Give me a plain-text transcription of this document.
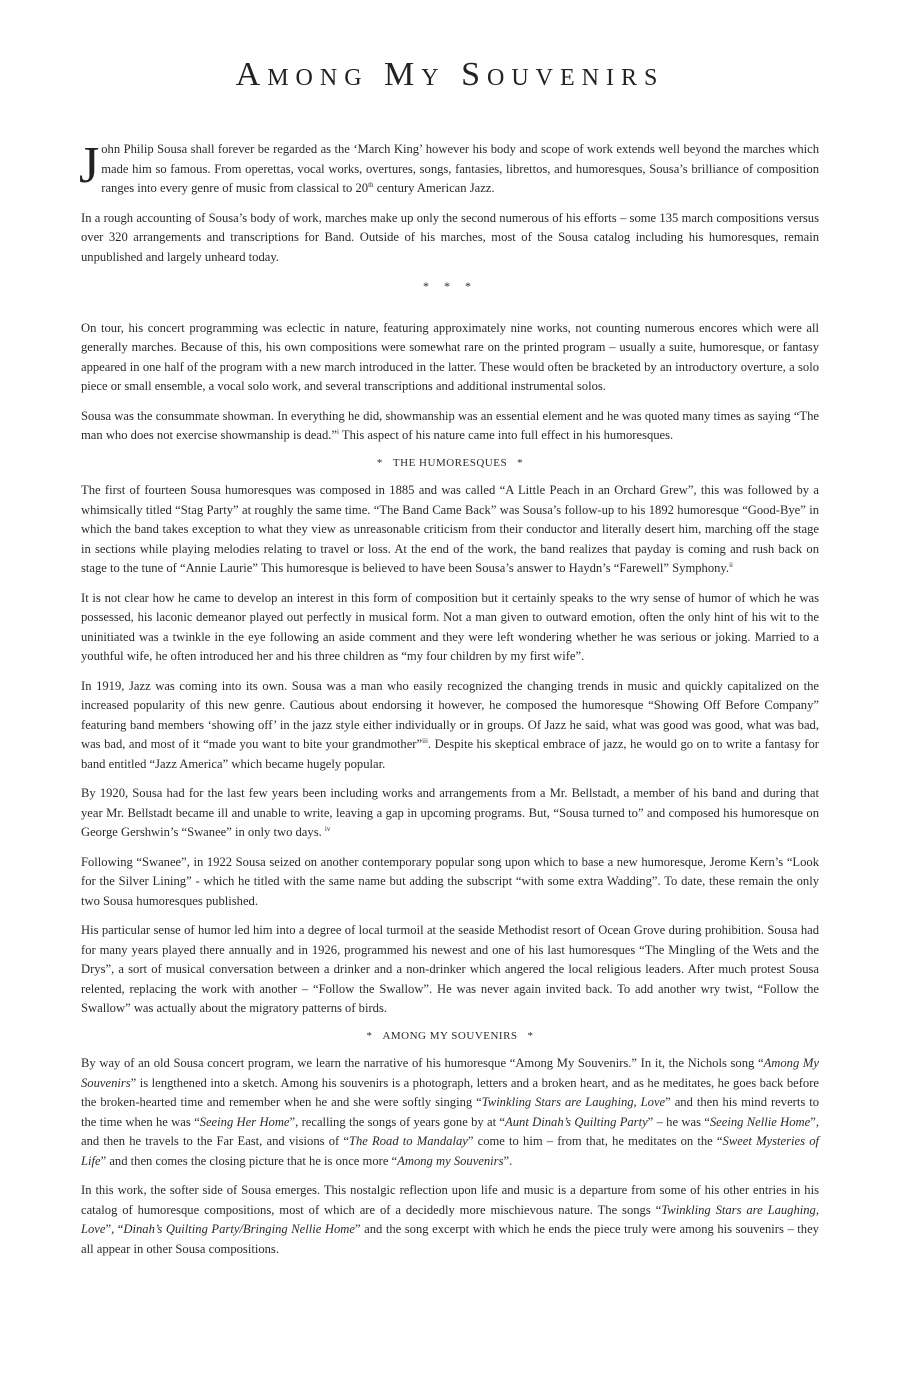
Among My Souvenirs

John Philip Sousa shall forever be regarded as the ‘March King’ however his body and scope of work extends well beyond the marches which made him so famous. From operettas, vocal works, overtures, songs, fantasies, librettos, and humoresques, Sousa’s brilliance of composition ranges into every genre of music from classical to 20th century American Jazz.

In a rough accounting of Sousa’s body of work, marches make up only the second numerous of his efforts – some 135 march compositions versus over 320 arrangements and transcriptions for Band. Outside of his marches, most of the Sousa catalog including his humoresques, remain unpublished and largely unheard today.

* * *

On tour, his concert programming was eclectic in nature, featuring approximately nine works, not counting numerous encores which were all generally marches. Because of this, his own compositions were somewhat rare on the printed program – usually a suite, humoresque, or fantasy appeared in one half of the program with a new march introduced in the latter. These would often be bracketed by an introductory overture, a solo piece or small ensemble, a vocal solo work, and several transcriptions and additional instrumental solos.

Sousa was the consummate showman. In everything he did, showmanship was an essential element and he was quoted many times as saying “The man who does not exercise showmanship is dead.”$^i$ This aspect of his nature came into full effect in his humoresques.

* THE HUMORESQUES *

The first of fourteen Sousa humoresques was composed in 1885 and was called “A Little Peach in an Orchard Grew”, this was followed by a whimsically titled “Stag Party” at roughly the same time. “The Band Came Back” was Sousa’s follow-up to his 1892 humoresque “Good-Bye” in which the band takes exception to what they view as unreasonable criticism from their conductor and literally desert him, marching off the stage in sections while playing melodies relating to travel or loss. At the end of the work, the band realizes that payday is coming and rush back on stage to the tune of “Annie Laurie” This humoresque is believed to have been Sousa’s answer to Haydn’s “Farewell” Symphony.$^{ii}$

It is not clear how he came to develop an interest in this form of composition but it certainly speaks to the wry sense of humor of which he was possessed, his laconic demeanor played out perfectly in musical form. Not a man given to outward emotion, often the only hint of his wit to the uninitiated was a twinkle in the eye following an aside comment and they were left wondering whether he was serious or joking. Married to a youthful wife, he often introduced her and his three children as “my four children by my first wife”.

In 1919, Jazz was coming into its own. Sousa was a man who easily recognized the changing trends in music and quickly capitalized on the increased popularity of this new genre. Cautious about endorsing it however, he composed the humoresque “Showing Off Before Company” featuring band members ‘showing off’ in the jazz style either individually or in groups. Of Jazz he said, what was good was good, what was bad, was bad, and most of it “made you want to bite your grandmother”$^{iii}$. Despite his skeptical embrace of jazz, he would go on to write a fantasy for band entitled “Jazz America” which became hugely popular.

By 1920, Sousa had for the last few years been including works and arrangements from a Mr. Bellstadt, a member of his band and during that year Mr. Bellstadt became ill and unable to write, leaving a gap in upcoming programs. But, “Sousa turned to” and composed his humoresque on George Gershwin’s “Swanee” in only two days. $^{iv}$

Following “Swanee”, in 1922 Sousa seized on another contemporary popular song upon which to base a new humoresque, Jerome Kern’s “Look for the Silver Lining” - which he titled with the same name but adding the subscript “with some extra Wadding”. To date, these remain the only two Sousa humoresques published.

His particular sense of humor led him into a degree of local turmoil at the seaside Methodist resort of Ocean Grove during prohibition. Sousa had for many years played there annually and in 1926, programmed his newest and one of his last humoresques “The Mingling of the Wets and the Drys”, a sort of musical conversation between a drinker and a non-drinker which angered the local religious leaders. After much protest Sousa relented, replacing the work with another – “Follow the Swallow”. He was never again invited back. To add another wry twist, “Follow the Swallow” was actually about the migratory patterns of birds.

* AMONG MY SOUVENIRS *

By way of an old Sousa concert program, we learn the narrative of his humoresque “Among My Souvenirs.” In it, the Nichols song “Among My Souvenirs” is lengthened into a sketch. Among his souvenirs is a photograph, letters and a broken heart, and as he meditates, he goes back before the broken-hearted time and remember when he and she were softly singing “Twinkling Stars are Laughing, Love” and then his mind reverts to the time when he was “Seeing Her Home”, recalling the songs of years gone by at “Aunt Dinah’s Quilting Party” – he was “Seeing Nellie Home”, and then he travels to the Far East, and visions of “The Road to Mandalay” come to him – from that, he meditates on the “Sweet Mysteries of Life” and then comes the closing picture that he is once more “Among my Souvenirs”.

In this work, the softer side of Sousa emerges. This nostalgic reflection upon life and music is a departure from some of his other entries in his catalog of humoresque compositions, most of which are of a decidedly more mischievous nature. The songs “Twinkling Stars are Laughing, Love”, “Dinah’s Quilting Party/Bringing Nellie Home” and the song excerpt with which he ends the piece truly were among his souvenirs – they all appear in other Sousa compositions.
